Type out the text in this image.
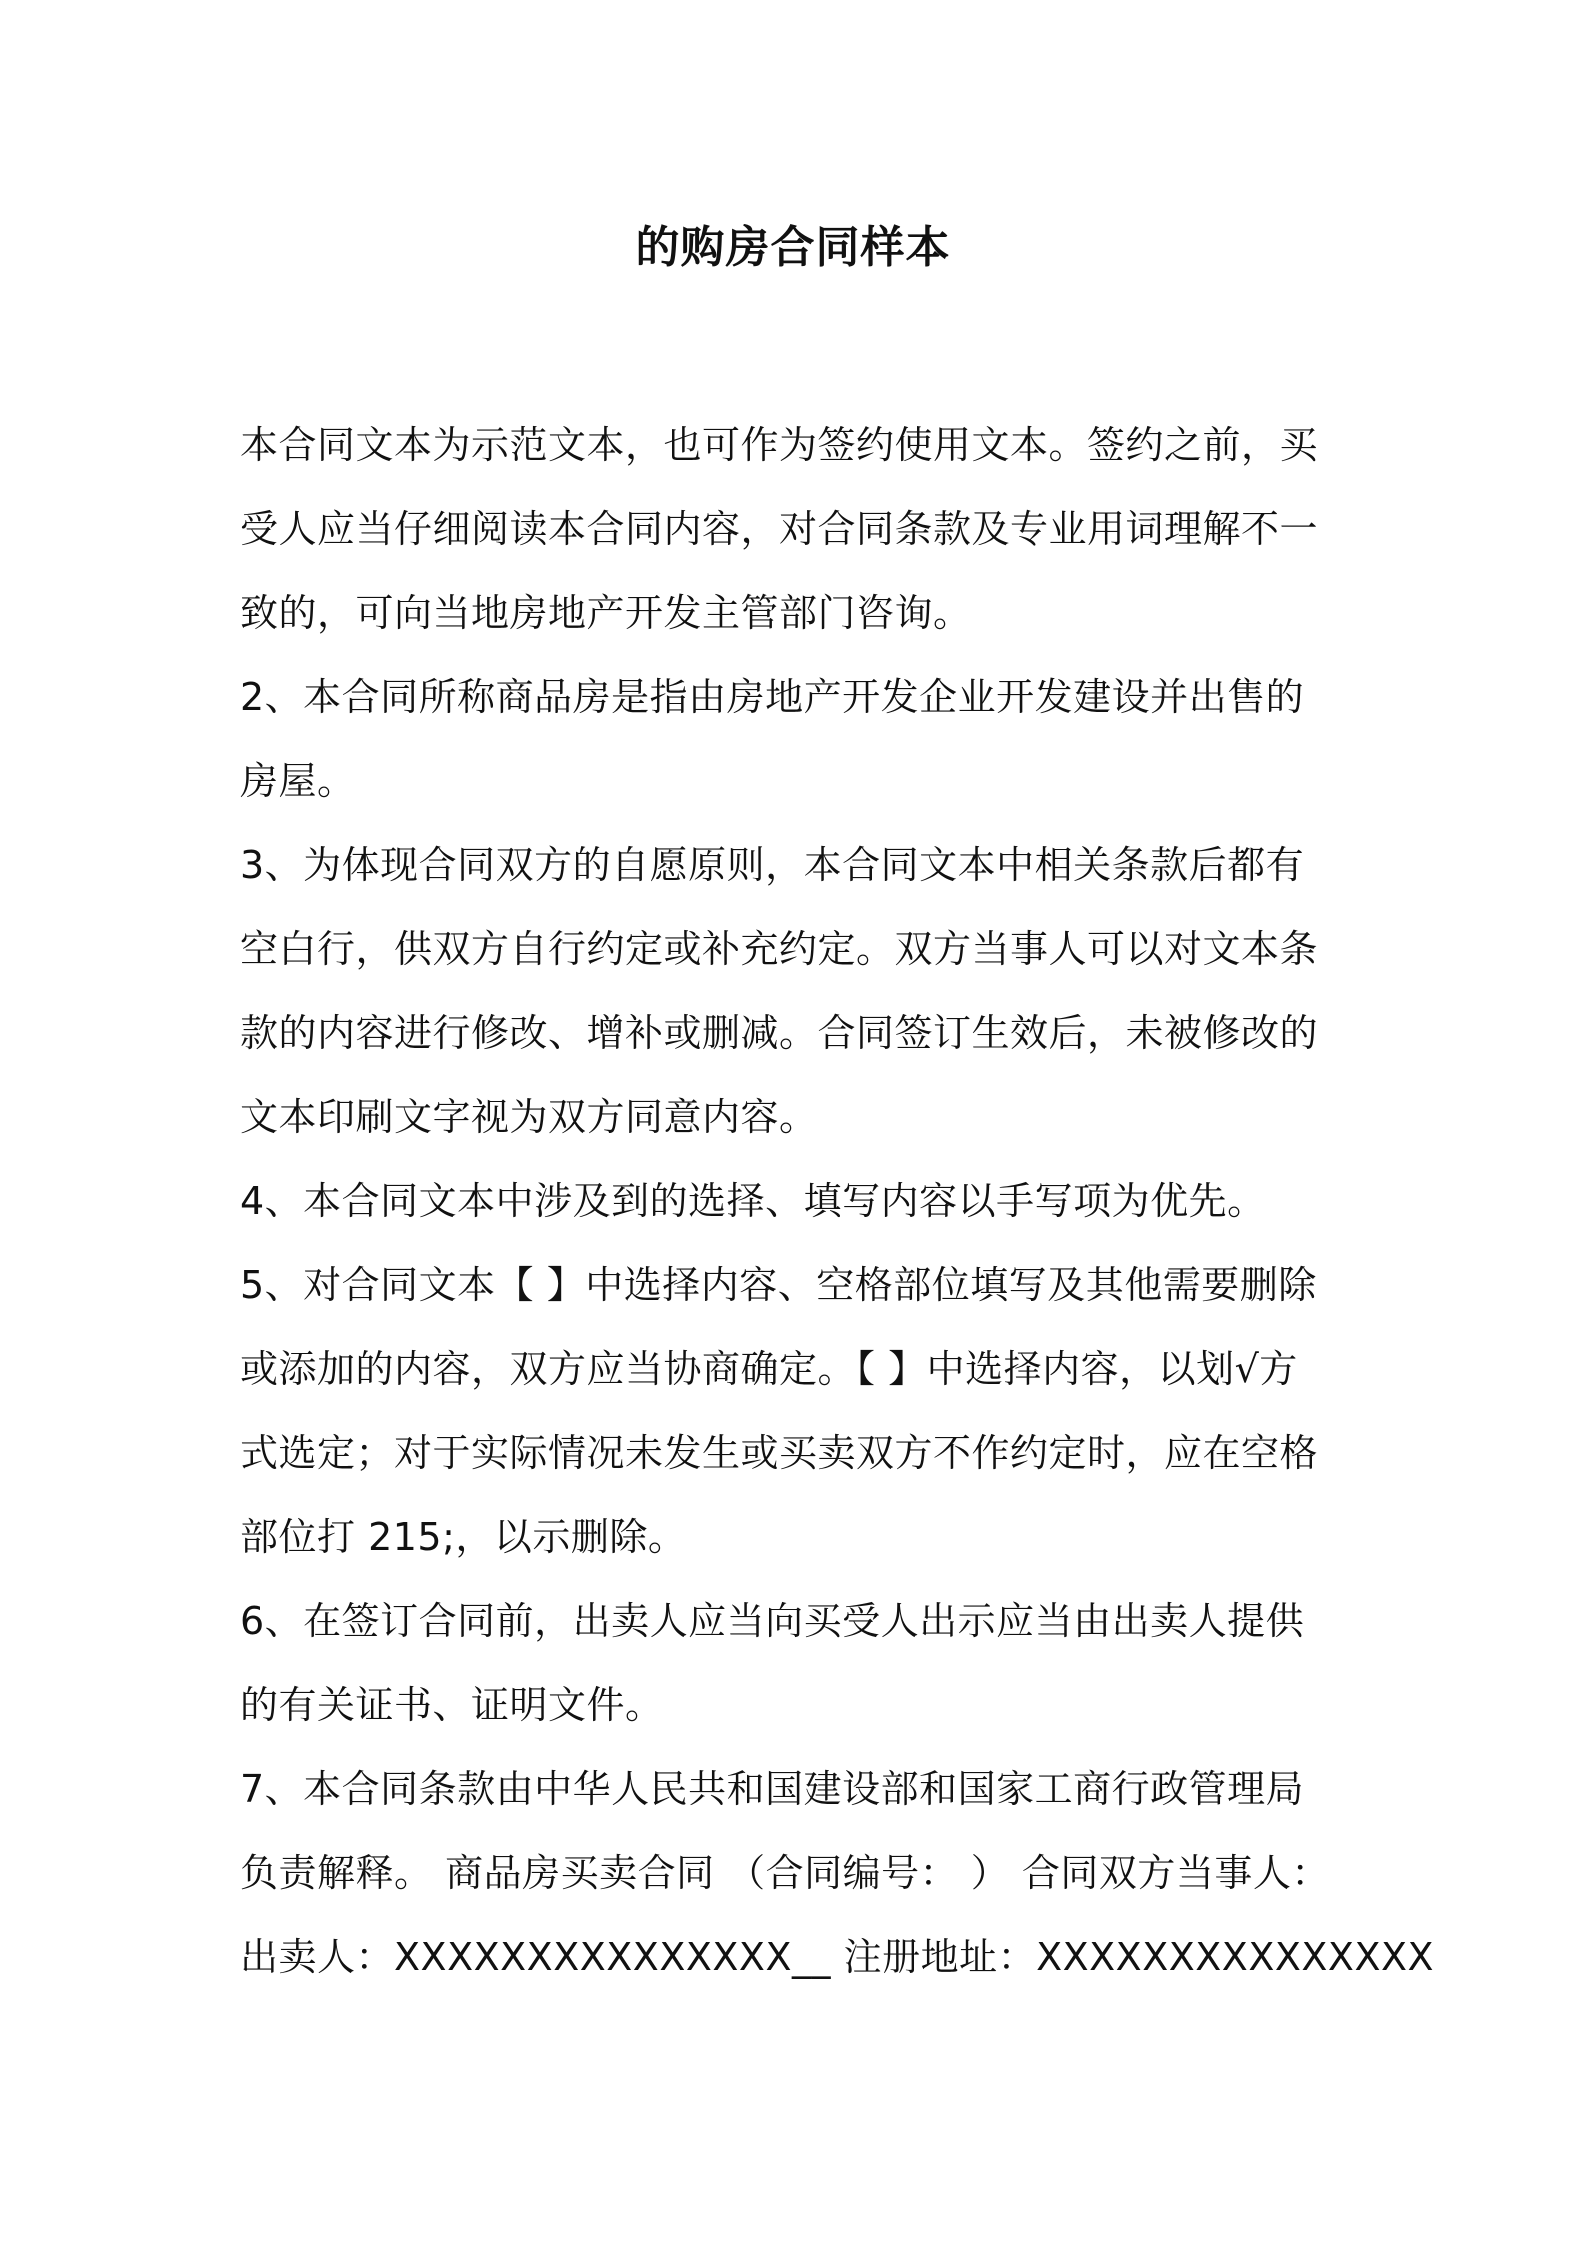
的购房合同样本
本合同文本为示范文本，也可作为签约使用文本。签约之前，买
受人应当仔细阅读本合同内容，对合同条款及专业用词理解不一
致的，可向当地房地产开发主管部门咨询。
2、本合同所称商品房是指由房地产开发企业开发建设并出售的
房屋。
3、为体现合同双方的自愿原则，本合同文本中相关条款后都有
空白行，供双方自行约定或补充约定。双方当事人可以对文本条
款的内容进行修改、增补或删减。合同签订生效后，未被修改的
文本印刷文字视为双方同意内容。
4、本合同文本中涉及到的选择、填写内容以手写项为优先。
5、对合同文本【 】中选择内容、空格部位填写及其他需要删除
或添加的内容，双方应当协商确定。【 】中选择内容，以划√方
式选定；对于实际情况未发生或买卖双方不作约定时，应在空格
部位打 215;，以示删除。
6、在签订合同前，出卖人应当向买受人出示应当由出卖人提供
的有关证书、证明文件。
7、本合同条款由中华人民共和国建设部和国家工商行政管理局
负责解释。 商品房买卖合同 （合同编号： ） 合同双方当事人：
出卖人：XXXXXXXXXXXXXXX__ 注册地址：XXXXXXXXXXXXXXX
